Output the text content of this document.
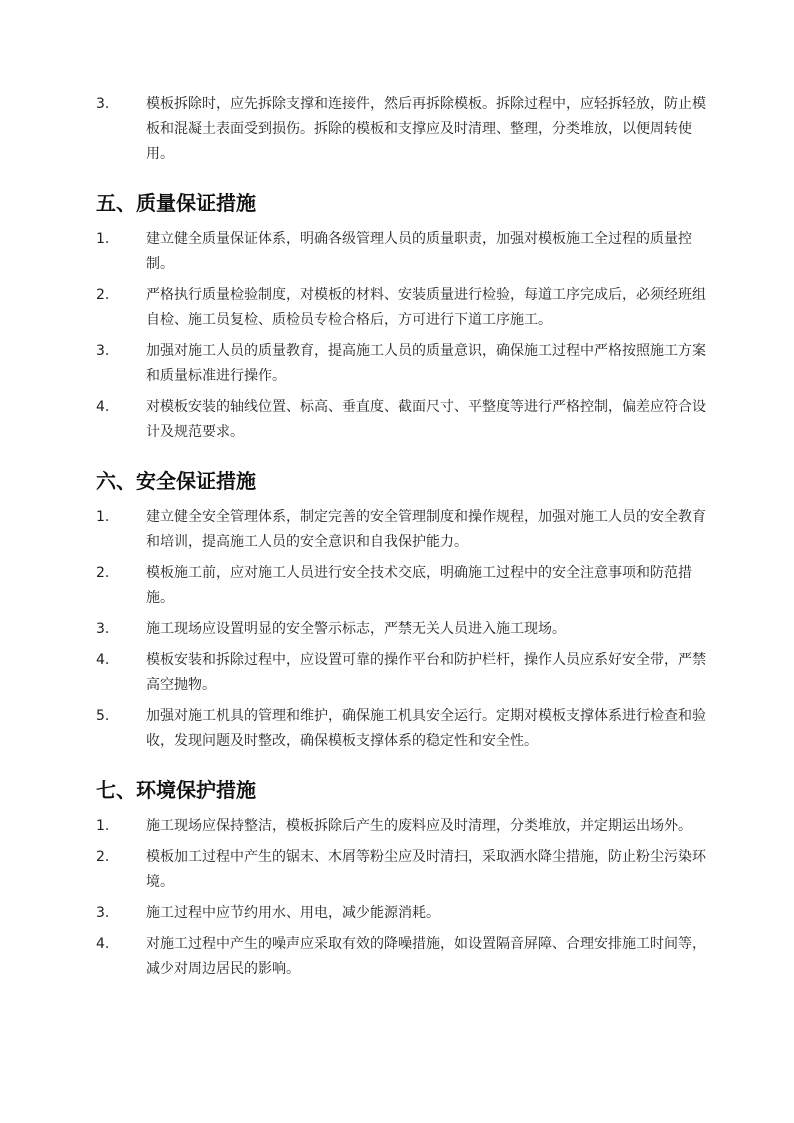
3.	模板拆除时，应先拆除支撑和连接件，然后再拆除模板。拆除过程中，应轻拆轻放，防止模板和混凝土表面受到损伤。拆除的模板和支撑应及时清理、整理，分类堆放，以便周转使用。
五、质量保证措施
1.	建立健全质量保证体系，明确各级管理人员的质量职责，加强对模板施工全过程的质量控制。
2.	严格执行质量检验制度，对模板的材料、安装质量进行检验，每道工序完成后，必须经班组自检、施工员复检、质检员专检合格后，方可进行下道工序施工。
3.	加强对施工人员的质量教育，提高施工人员的质量意识，确保施工过程中严格按照施工方案和质量标准进行操作。
4.	对模板安装的轴线位置、标高、垂直度、截面尺寸、平整度等进行严格控制，偏差应符合设计及规范要求。
六、安全保证措施
1.	建立健全安全管理体系，制定完善的安全管理制度和操作规程，加强对施工人员的安全教育和培训，提高施工人员的安全意识和自我保护能力。
2.	模板施工前，应对施工人员进行安全技术交底，明确施工过程中的安全注意事项和防范措施。
3.	施工现场应设置明显的安全警示标志，严禁无关人员进入施工现场。
4.	模板安装和拆除过程中，应设置可靠的操作平台和防护栏杆，操作人员应系好安全带，严禁高空抛物。
5.	加强对施工机具的管理和维护，确保施工机具安全运行。定期对模板支撑体系进行检查和验收，发现问题及时整改，确保模板支撑体系的稳定性和安全性。
七、环境保护措施
1.	施工现场应保持整洁，模板拆除后产生的废料应及时清理，分类堆放，并定期运出场外。
2.	模板加工过程中产生的锯末、木屑等粉尘应及时清扫，采取洒水降尘措施，防止粉尘污染环境。
3.	施工过程中应节约用水、用电，减少能源消耗。
4.	对施工过程中产生的噪声应采取有效的降噪措施，如设置隔音屏障、合理安排施工时间等，减少对周边居民的影响。
